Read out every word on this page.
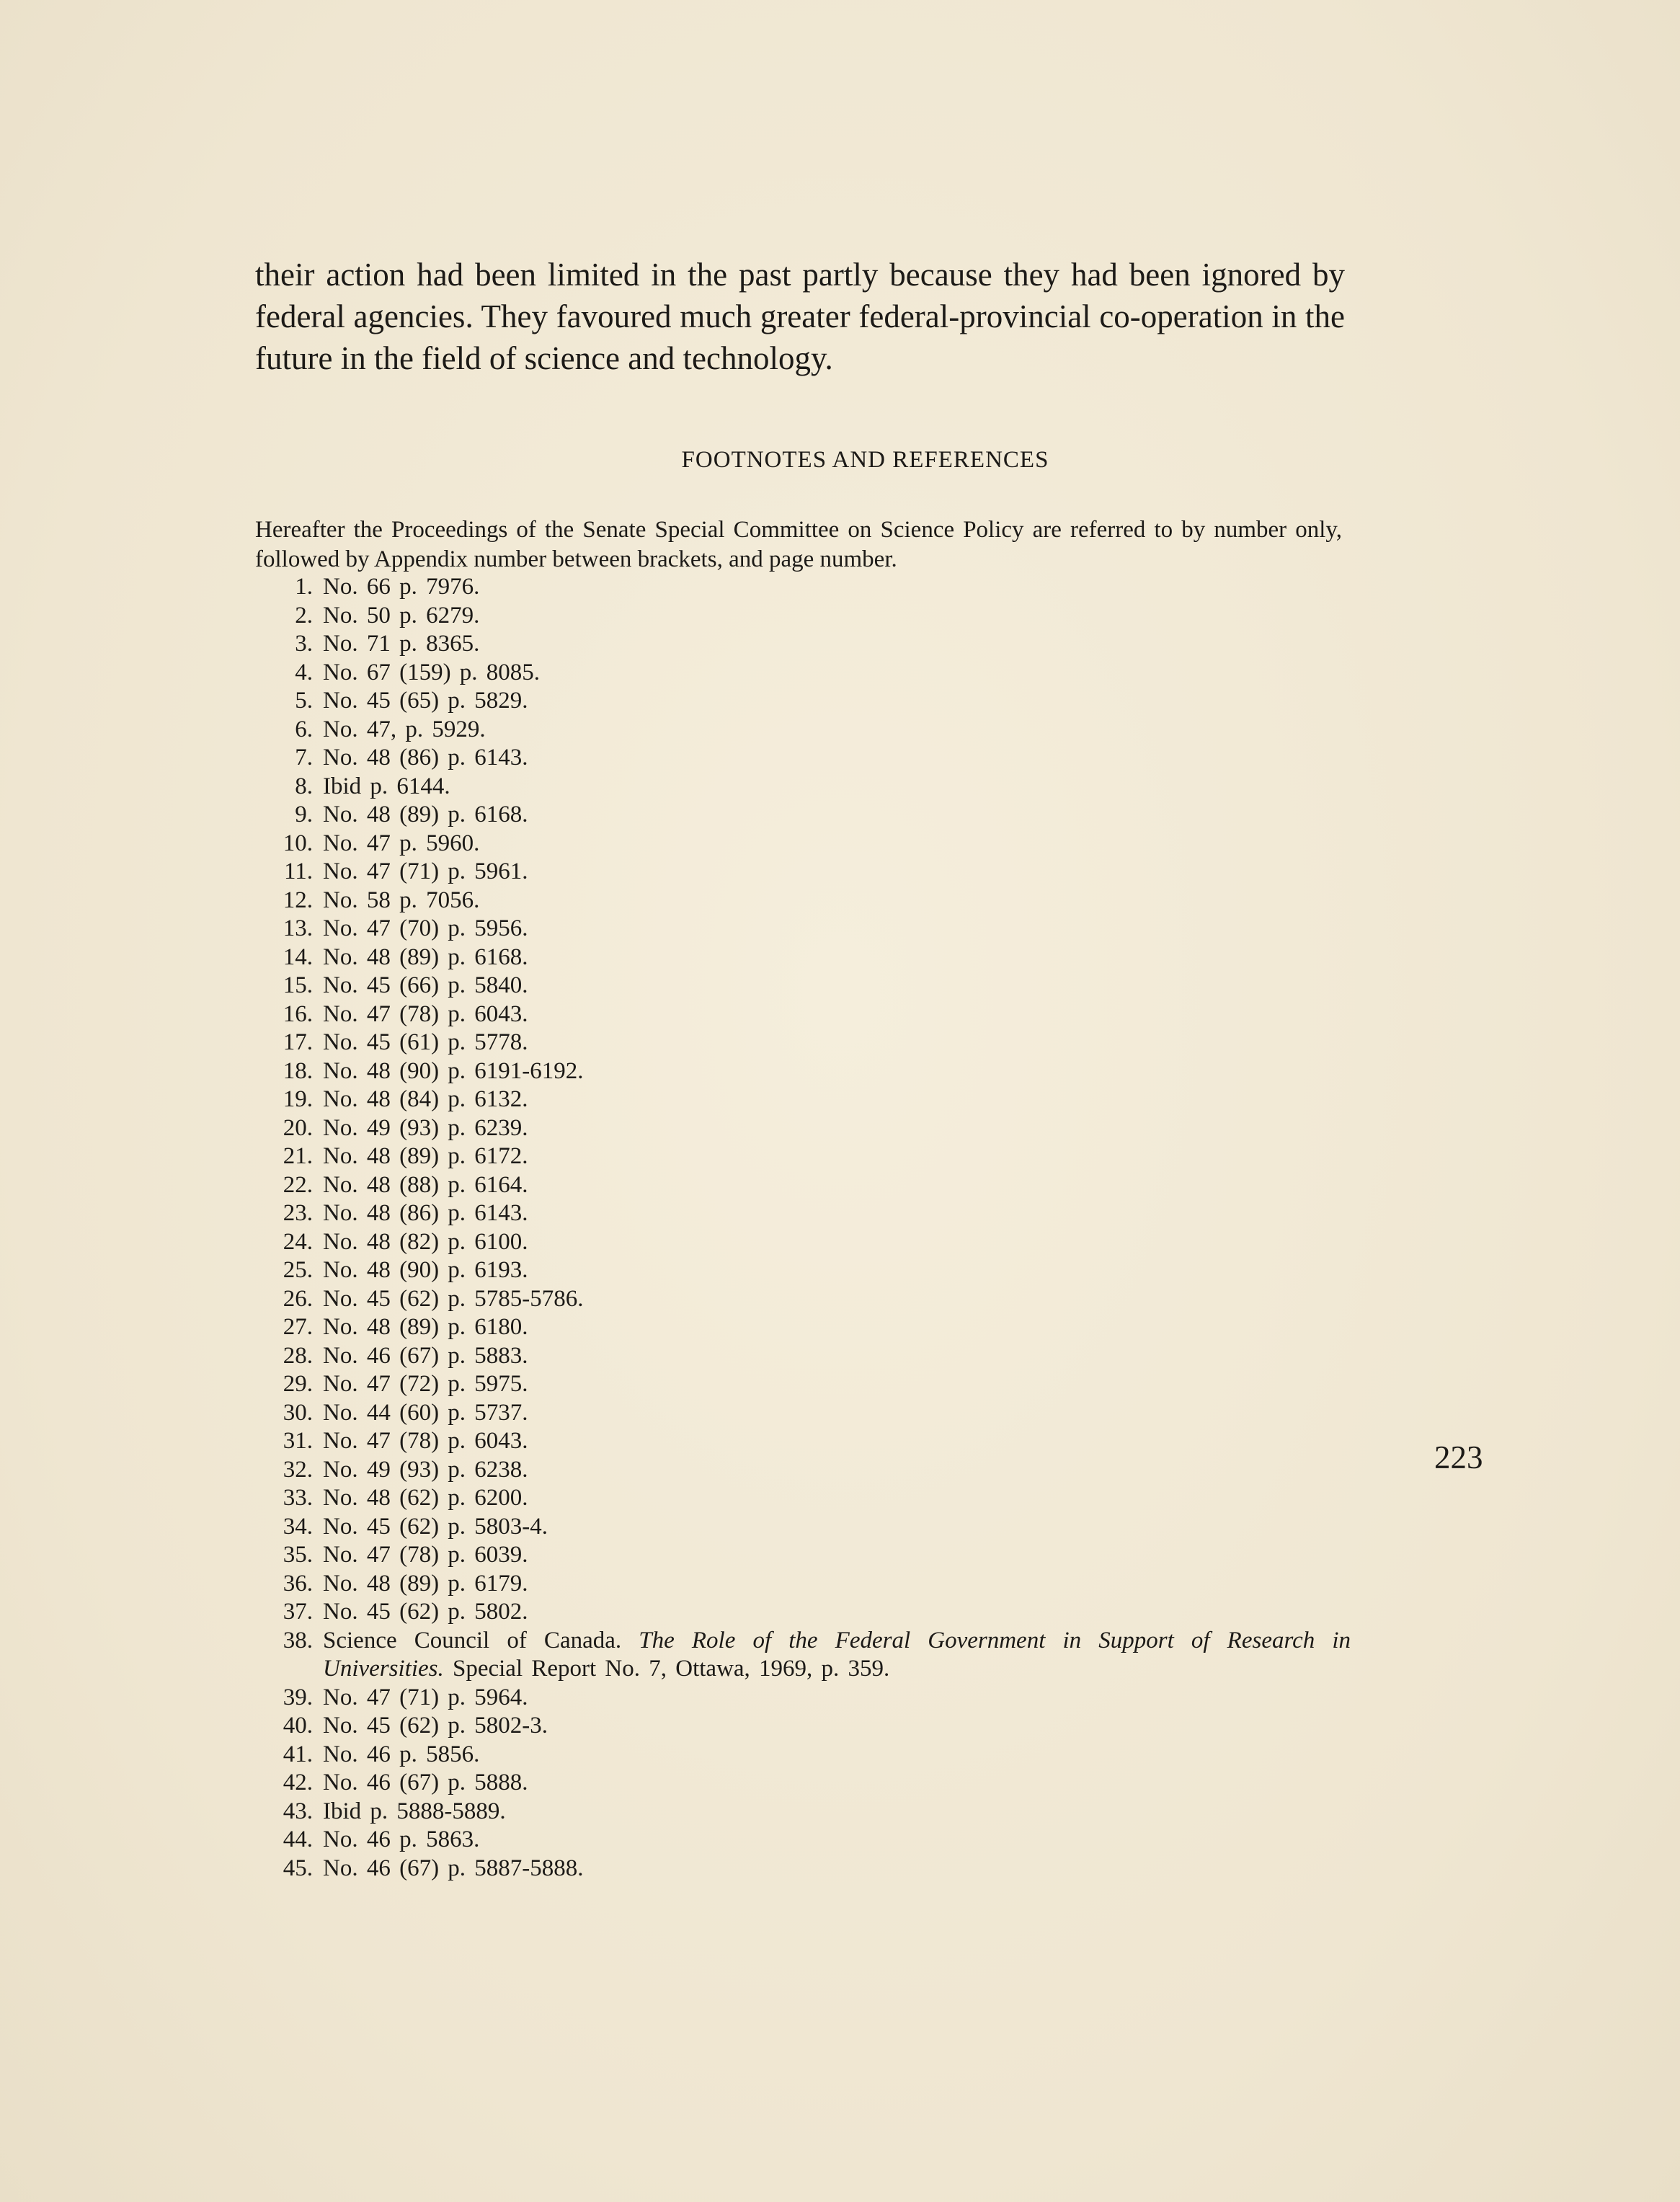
their action had been limited in the past partly because they had been ignored by federal agencies. They favoured much greater federal-provincial co-operation in the future in the field of science and technology.

FOOTNOTES AND REFERENCES

Hereafter the Proceedings of the Senate Special Committee on Science Policy are referred to by number only, followed by Appendix number between brackets, and page number.

1. No. 66 p. 7976.
2. No. 50 p. 6279.
3. No. 71 p. 8365.
4. No. 67 (159) p. 8085.
5. No. 45 (65) p. 5829.
6. No. 47, p. 5929.
7. No. 48 (86) p. 6143.
8. Ibid p. 6144.
9. No. 48 (89) p. 6168.
10. No. 47 p. 5960.
11. No. 47 (71) p. 5961.
12. No. 58 p. 7056.
13. No. 47 (70) p. 5956.
14. No. 48 (89) p. 6168.
15. No. 45 (66) p. 5840.
16. No. 47 (78) p. 6043.
17. No. 45 (61) p. 5778.
18. No. 48 (90) p. 6191-6192.
19. No. 48 (84) p. 6132.
20. No. 49 (93) p. 6239.
21. No. 48 (89) p. 6172.
22. No. 48 (88) p. 6164.
23. No. 48 (86) p. 6143.
24. No. 48 (82) p. 6100.
25. No. 48 (90) p. 6193.
26. No. 45 (62) p. 5785-5786.
27. No. 48 (89) p. 6180.
28. No. 46 (67) p. 5883.
29. No. 47 (72) p. 5975.
30. No. 44 (60) p. 5737.
31. No. 47 (78) p. 6043.
32. No. 49 (93) p. 6238.
33. No. 48 (62) p. 6200.
34. No. 45 (62) p. 5803-4.
35. No. 47 (78) p. 6039.
36. No. 48 (89) p. 6179.
37. No. 45 (62) p. 5802.
38. Science Council of Canada. The Role of the Federal Government in Support of Research in Universities. Special Report No. 7, Ottawa, 1969, p. 359.
39. No. 47 (71) p. 5964.
40. No. 45 (62) p. 5802-3.
41. No. 46 p. 5856.
42. No. 46 (67) p. 5888.
43. Ibid p. 5888-5889.
44. No. 46 p. 5863.
45. No. 46 (67) p. 5887-5888.

223
